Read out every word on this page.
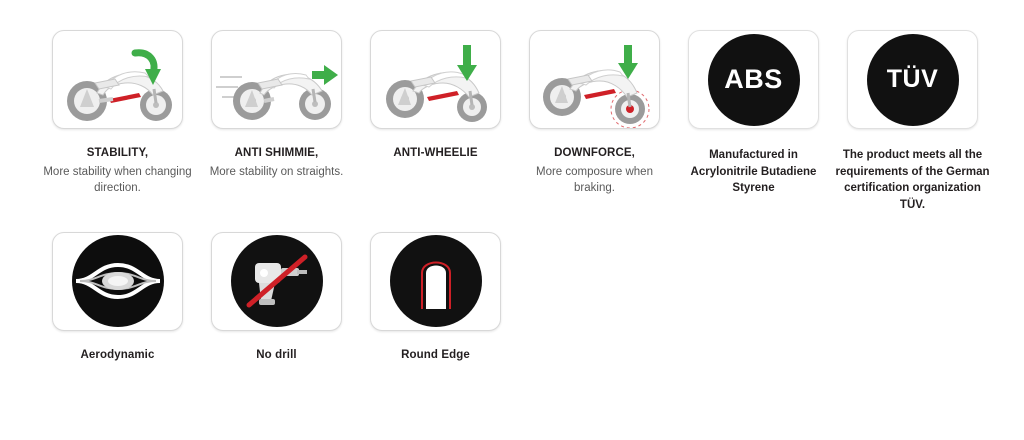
STABILITY,
More stability when changing direction.
ANTI SHIMMIE,
More stability on straights.
ANTI-WHEELIE	DOWNFORCE,
More composure when braking.
ABS
Manufactured in Acrylonitrile Butadiene Styrene
TÜV
The product meets all the requirements of the German certification organization TÜV.
Aerodynamic	No drill	Round Edge
